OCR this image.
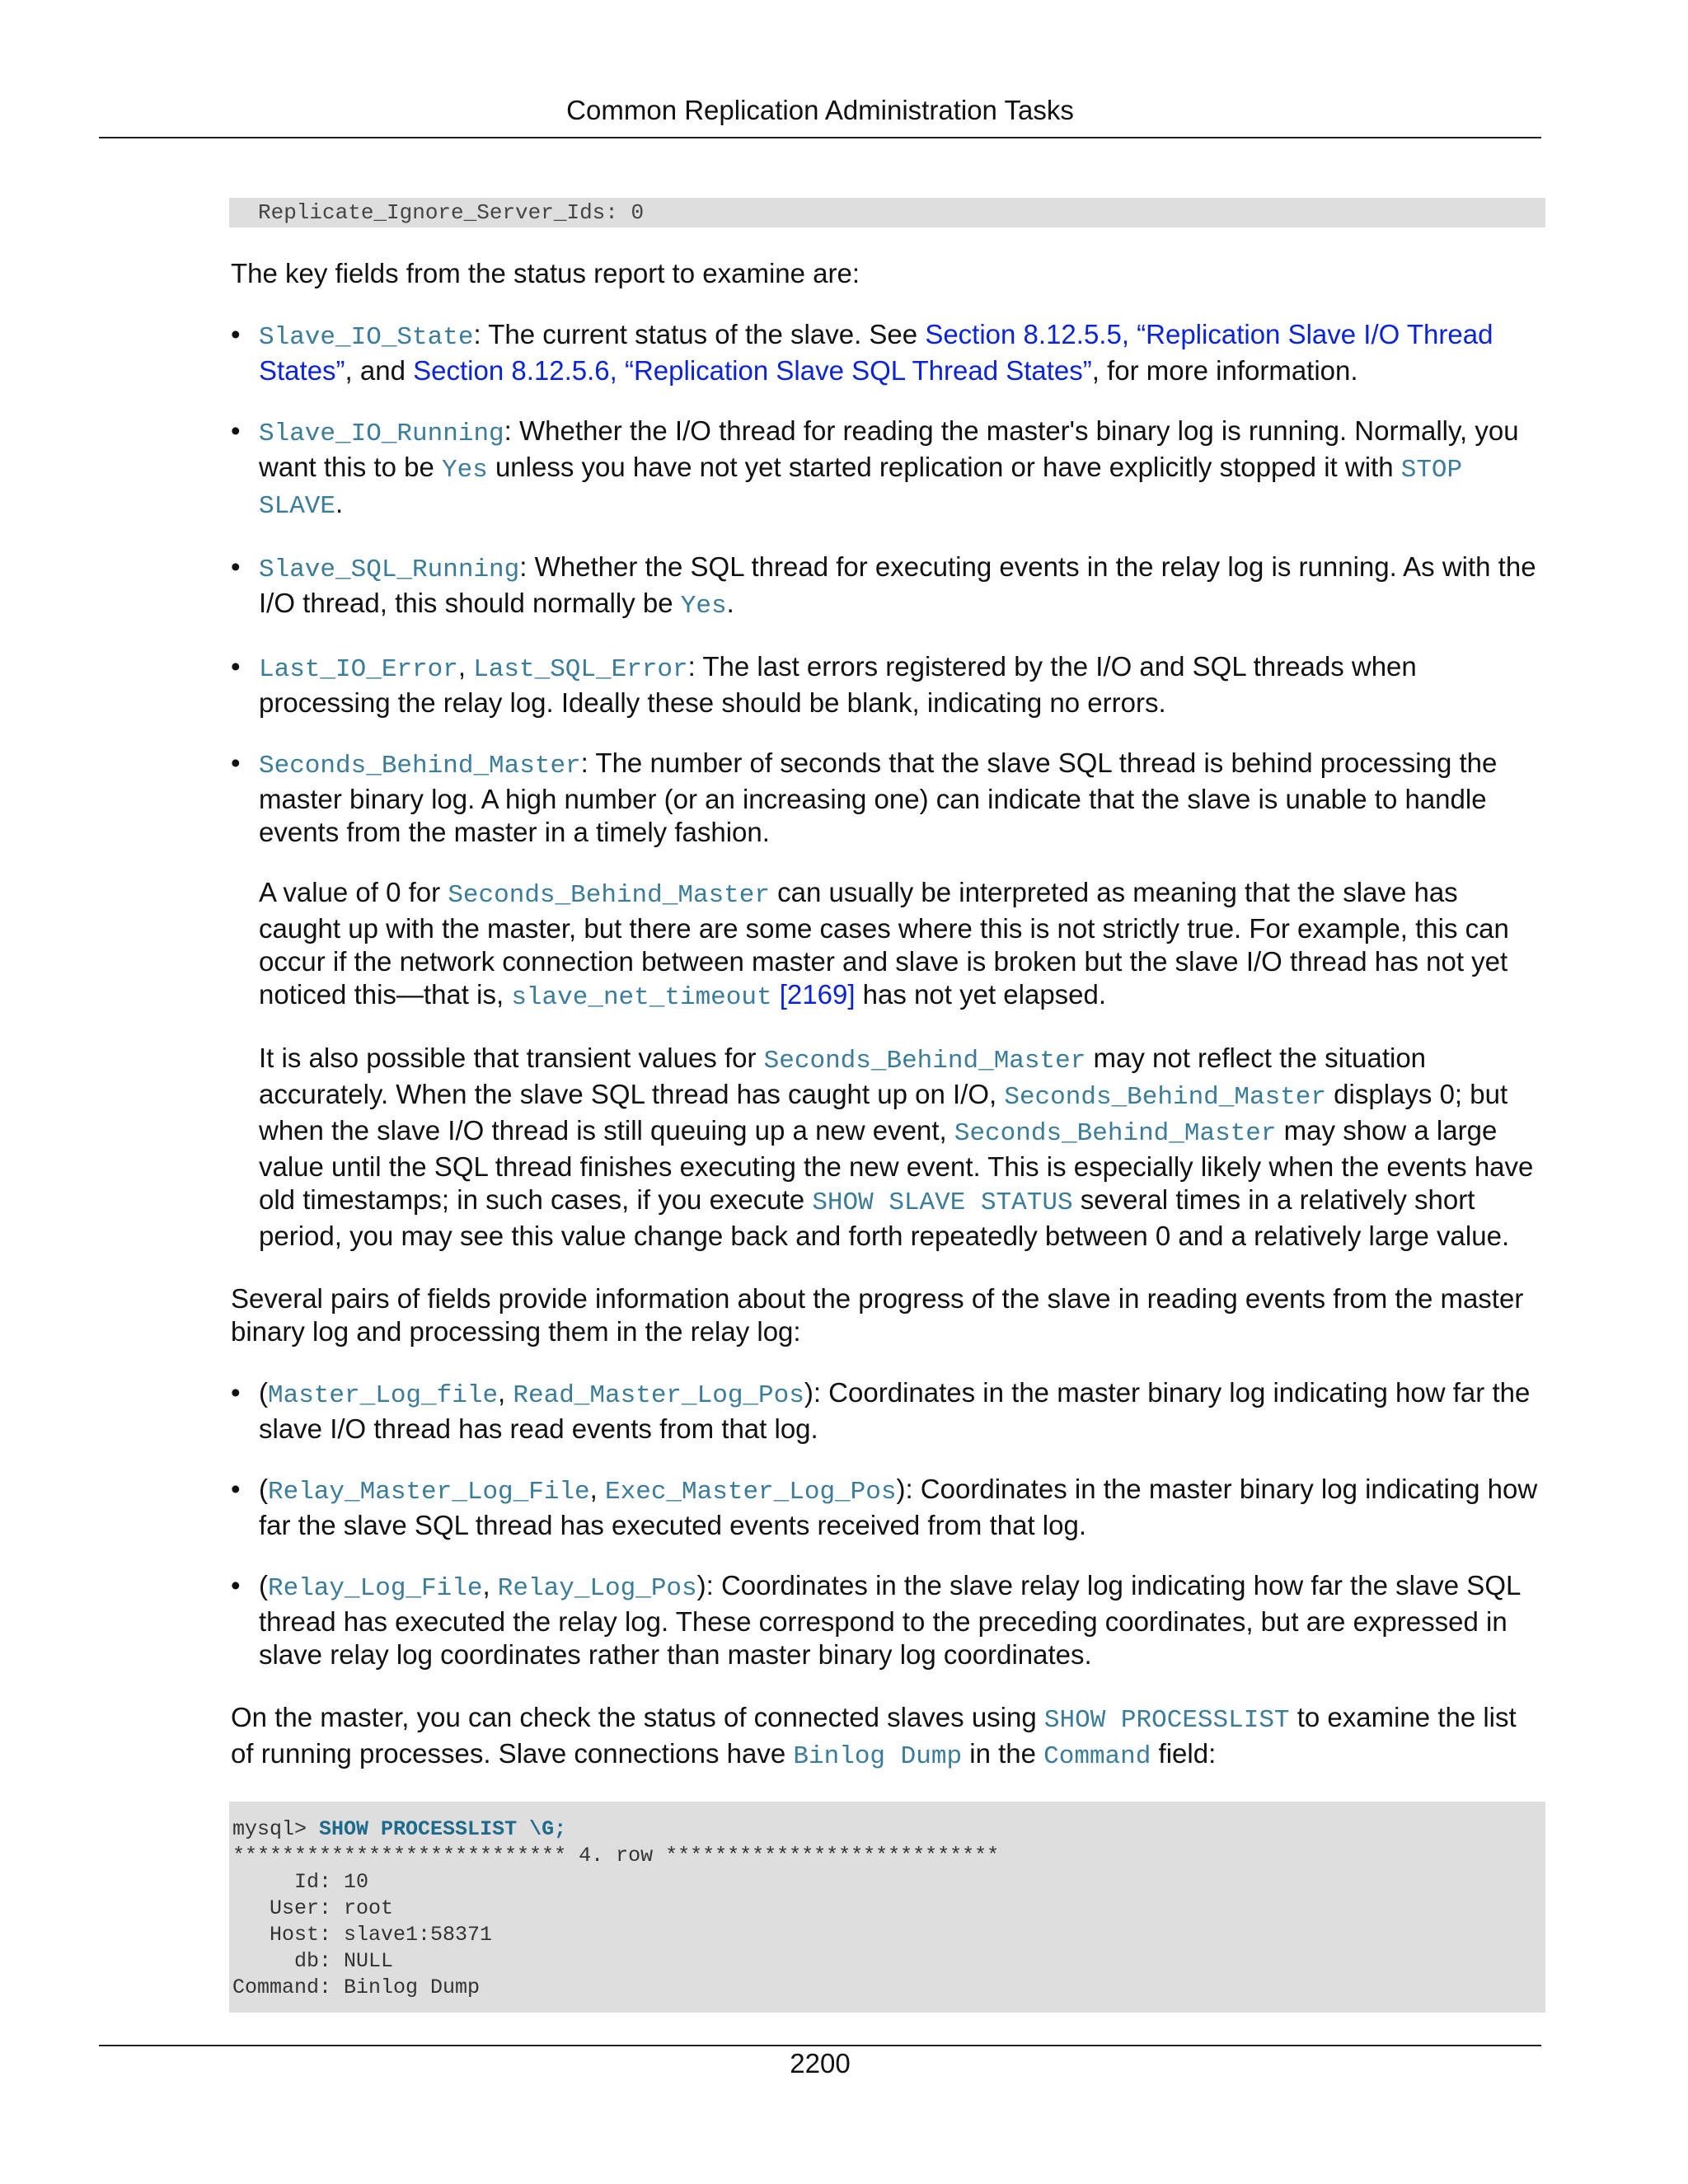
Common Replication Administration Tasks
Replicate_Ignore_Server_Ids: 0

The key fields from the status report to examine are:

• Slave_IO_State: The current status of the slave. See Section 8.12.5.5, “Replication Slave I/O Thread States”, and Section 8.12.5.6, “Replication Slave SQL Thread States”, for more information.
• Slave_IO_Running: Whether the I/O thread for reading the master's binary log is running. Normally, you want this to be Yes unless you have not yet started replication or have explicitly stopped it with STOP SLAVE.
• Slave_SQL_Running: Whether the SQL thread for executing events in the relay log is running. As with the I/O thread, this should normally be Yes.
• Last_IO_Error, Last_SQL_Error: The last errors registered by the I/O and SQL threads when processing the relay log. Ideally these should be blank, indicating no errors.
• Seconds_Behind_Master: The number of seconds that the slave SQL thread is behind processing the master binary log. A high number (or an increasing one) can indicate that the slave is unable to handle events from the master in a timely fashion.

A value of 0 for Seconds_Behind_Master can usually be interpreted as meaning that the slave has caught up with the master, but there are some cases where this is not strictly true. For example, this can occur if the network connection between master and slave is broken but the slave I/O thread has not yet noticed this—that is, slave_net_timeout [2169] has not yet elapsed.

It is also possible that transient values for Seconds_Behind_Master may not reflect the situation accurately. When the slave SQL thread has caught up on I/O, Seconds_Behind_Master displays 0; but when the slave I/O thread is still queuing up a new event, Seconds_Behind_Master may show a large value until the SQL thread finishes executing the new event. This is especially likely when the events have old timestamps; in such cases, if you execute SHOW SLAVE STATUS several times in a relatively short period, you may see this value change back and forth repeatedly between 0 and a relatively large value.

Several pairs of fields provide information about the progress of the slave in reading events from the master binary log and processing them in the relay log:

• (Master_Log_file, Read_Master_Log_Pos): Coordinates in the master binary log indicating how far the slave I/O thread has read events from that log.
• (Relay_Master_Log_File, Exec_Master_Log_Pos): Coordinates in the master binary log indicating how far the slave SQL thread has executed events received from that log.
• (Relay_Log_File, Relay_Log_Pos): Coordinates in the slave relay log indicating how far the slave SQL thread has executed the relay log. These correspond to the preceding coordinates, but are expressed in slave relay log coordinates rather than master binary log coordinates.

On the master, you can check the status of connected slaves using SHOW PROCESSLIST to examine the list of running processes. Slave connections have Binlog Dump in the Command field:

mysql> SHOW PROCESSLIST \G;
*************************** 4. row ***************************
Id: 10
User: root
Host: slave1:58371
db: NULL
Command: Binlog Dump
2200
